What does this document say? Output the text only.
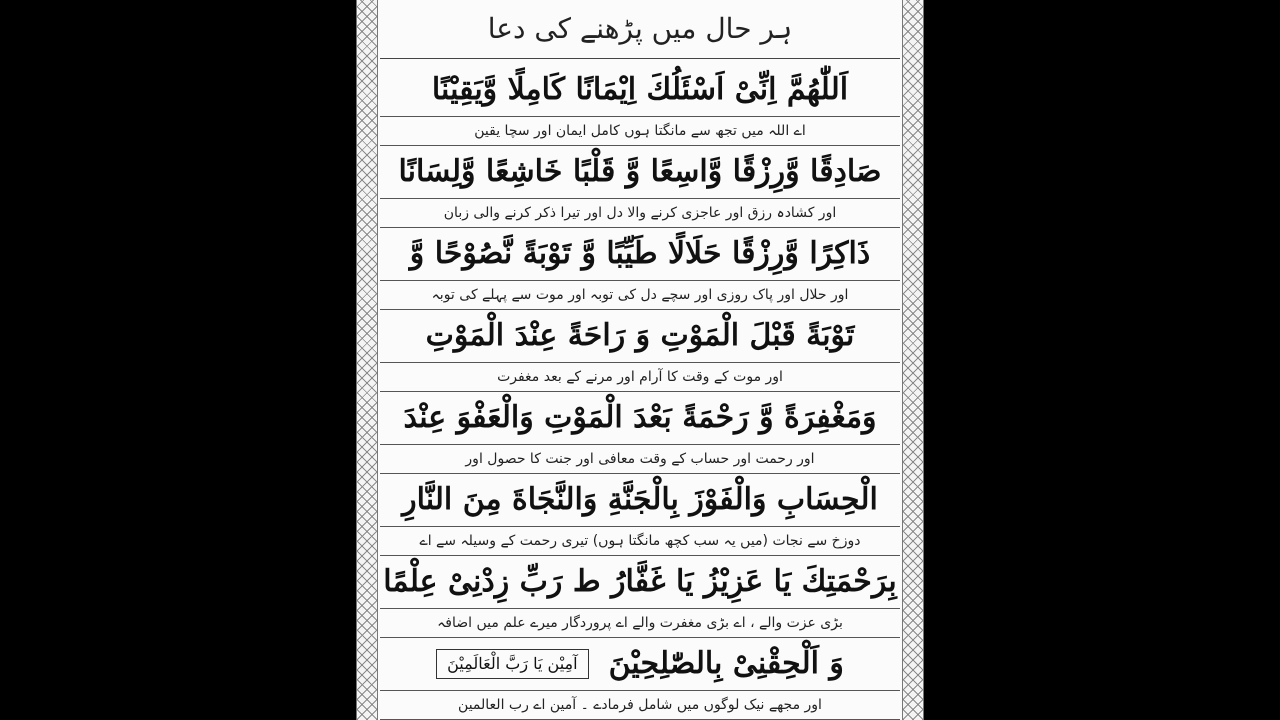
ہر حال میں پڑھنے کی دعا
اَللّٰھُمَّ اِنِّیْ اَسْئَلُكَ اِیْمَانًا كَامِلًا وَّیَقِیْنًا
اے اللہ میں تجھ سے مانگتا ہوں کامل ایمان اور سچا یقین
صَادِقًا وَّرِزْقًا وَّاسِعًا وَّ قَلْبًا خَاشِعًا وَّلِسَانًا
اور کشادہ رزق اور عاجزی کرنے والا دل اور تیرا ذکر کرنے والی زبان
ذَاكِرًا وَّرِزْقًا حَلَالًا طَیِّبًا وَّ تَوْبَةً نَّصُوْحًا وَّ
اور حلال اور پاک روزی اور سچے دل کی توبہ اور موت سے پہلے کی توبہ
تَوْبَةً قَبْلَ الْمَوْتِ وَ رَاحَةً عِنْدَ الْمَوْتِ
اور موت کے وقت کا آرام اور مرنے کے بعد مغفرت
وَمَغْفِرَةً وَّ رَحْمَةً بَعْدَ الْمَوْتِ وَالْعَفْوَ عِنْدَ
اور رحمت اور حساب کے وقت معافی اور جنت کا حصول اور
الْحِسَابِ وَالْفَوْزَ بِالْجَنَّةِ وَالنَّجَاةَ مِنَ النَّارِ
دوزخ سے نجات (میں یہ سب کچھ مانگتا ہوں) تیری رحمت کے وسیلہ سے اے
بِرَحْمَتِكَ یَا عَزِیْزُ یَا غَفَّارُ ط رَبِّ زِدْنِیْ عِلْمًا
بڑی عزت والے ، اے بڑی مغفرت والے اے پروردگار میرے علم میں اضافہ
وَ اَلْحِقْنِیْ بِالصّٰلِحِیْنَ
آمِیْن یَا رَبَّ الْعَالَمِیْنَ
اور مجھے نیک لوگوں میں شامل فرمادے ۔ آمین اے رب العالمین
